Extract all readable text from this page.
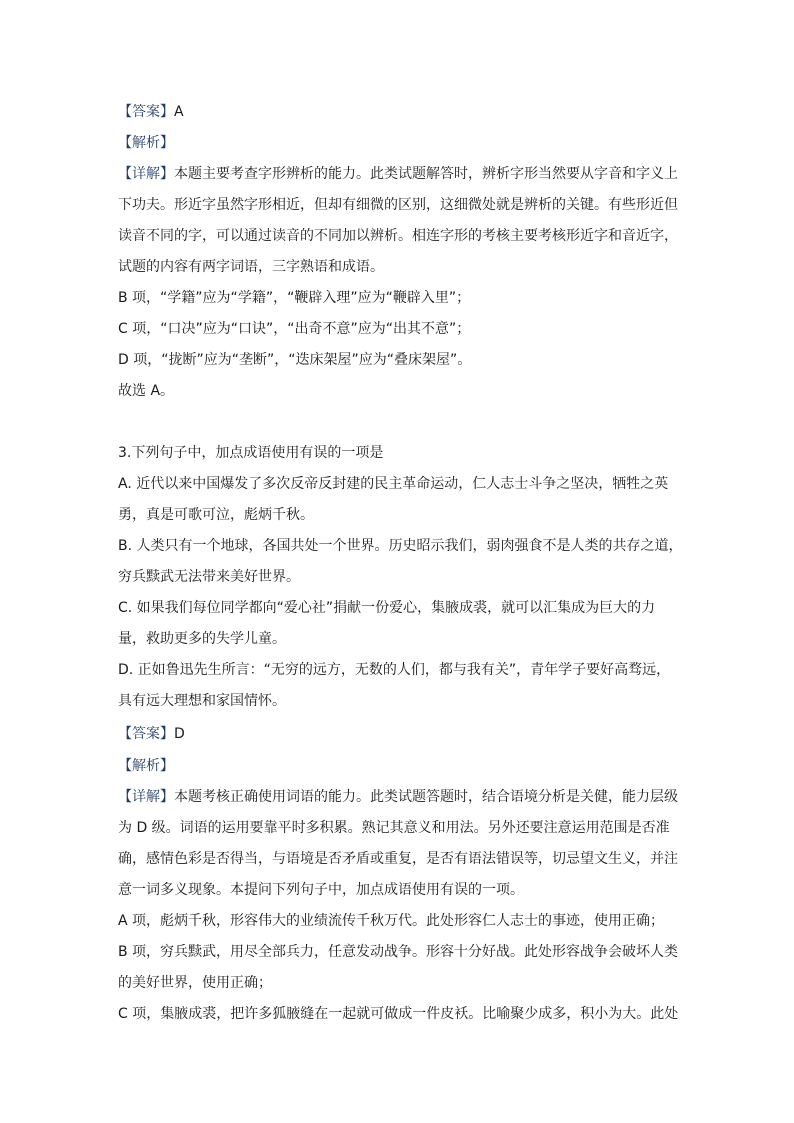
【答案】A
【解析】
【详解】本题主要考查字形辨析的能力。此类试题解答时，辨析字形当然要从字音和字义上
下功夫。形近字虽然字形相近，但却有细微的区别，这细微处就是辨析的关键。有些形近但
读音不同的字，可以通过读音的不同加以辨析。相连字形的考核主要考核形近字和音近字，
试题的内容有两字词语，三字熟语和成语。
B 项，“学籍”应为“学籍”，“鞭辟入理”应为“鞭辟入里”；
C 项，“口决”应为“口诀”，“出奇不意”应为“出其不意”；
D 项，“拢断”应为“垄断”，“迭床架屋”应为“叠床架屋”。
故选 A。
3.下列句子中，加点成语使用有误的一项是
A. 近代以来中国爆发了多次反帝反封建的民主革命运动，仁人志士斗争之坚决，牺牲之英
勇，真是可歌可泣，彪炳千秋。
B. 人类只有一个地球，各国共处一个世界。历史昭示我们，弱肉强食不是人类的共存之道，
穷兵黩武无法带来美好世界。
C. 如果我们每位同学都向“爱心社”捐献一份爱心，集腋成裘，就可以汇集成为巨大的力
量，救助更多的失学儿童。
D. 正如鲁迅先生所言：“无穷的远方，无数的人们，都与我有关”，青年学子要好高骛远，
具有远大理想和家国情怀。
【答案】D
【解析】
【详解】本题考核正确使用词语的能力。此类试题答题时，结合语境分析是关健，能力层级
为 D 级。词语的运用要靠平时多积累。熟记其意义和用法。另外还要注意运用范围是否准
确，感情色彩是否得当，与语境是否矛盾或重复，是否有语法错误等，切忌望文生义，并注
意一词多义现象。本提问下列句子中，加点成语使用有误的一项。
A 项，彪炳千秋，形容伟大的业绩流传千秋万代。此处形容仁人志士的事迹，使用正确；
B 项，穷兵黩武，用尽全部兵力，任意发动战争。形容十分好战。此处形容战争会破坏人类
的美好世界，使用正确；
C 项，集腋成裘，把许多狐腋缝在一起就可做成一件皮袄。比喻聚少成多，积小为大。此处
